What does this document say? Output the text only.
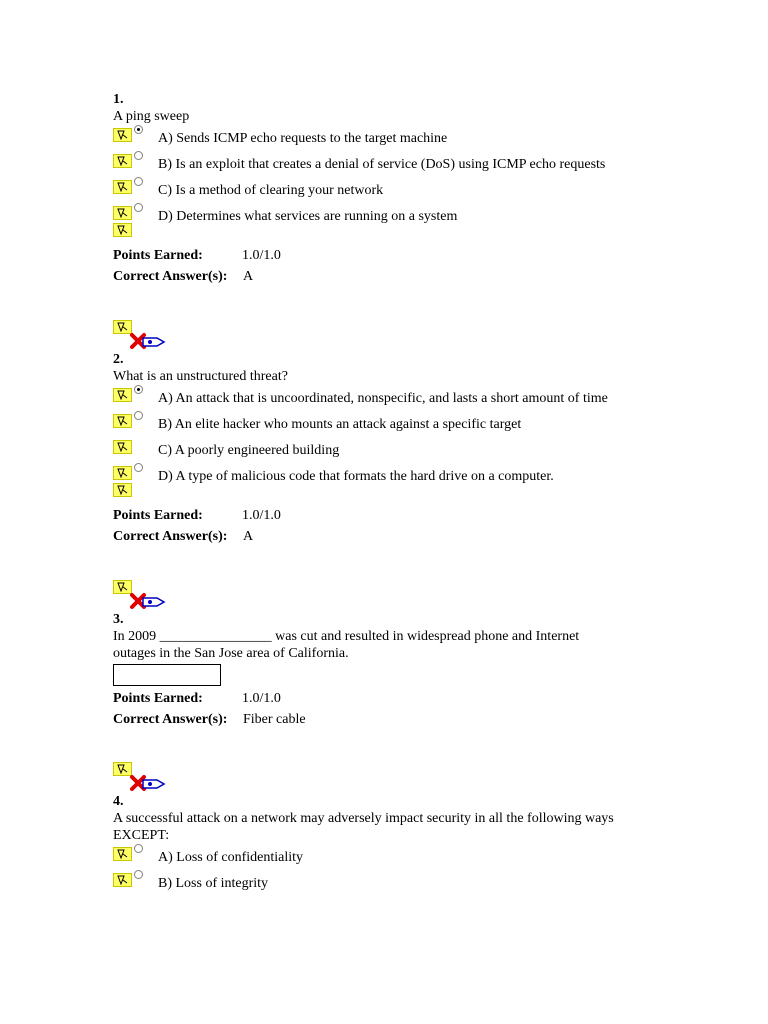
1.
A ping sweep
A) Sends ICMP echo requests to the target machine
B) Is an exploit that creates a denial of service (DoS) using ICMP echo requests
C) Is a method of clearing your network
D) Determines what services are running on a system
Points Earned:	1.0/1.0
Correct Answer(s): A
2.
What is an unstructured threat?
A) An attack that is uncoordinated, nonspecific, and lasts a short amount of time
B) An elite hacker who mounts an attack against a specific target
C) A poorly engineered building
D) A type of malicious code that formats the hard drive on a computer.
Points Earned:	1.0/1.0
Correct Answer(s): A
3.
In 2009 ________________ was cut and resulted in widespread phone and Internet
outages in the San Jose area of California.
Points Earned:	1.0/1.0
Correct Answer(s): Fiber cable
4.
A successful attack on a network may adversely impact security in all the following ways
EXCEPT:
A) Loss of confidentiality
B) Loss of integrity
